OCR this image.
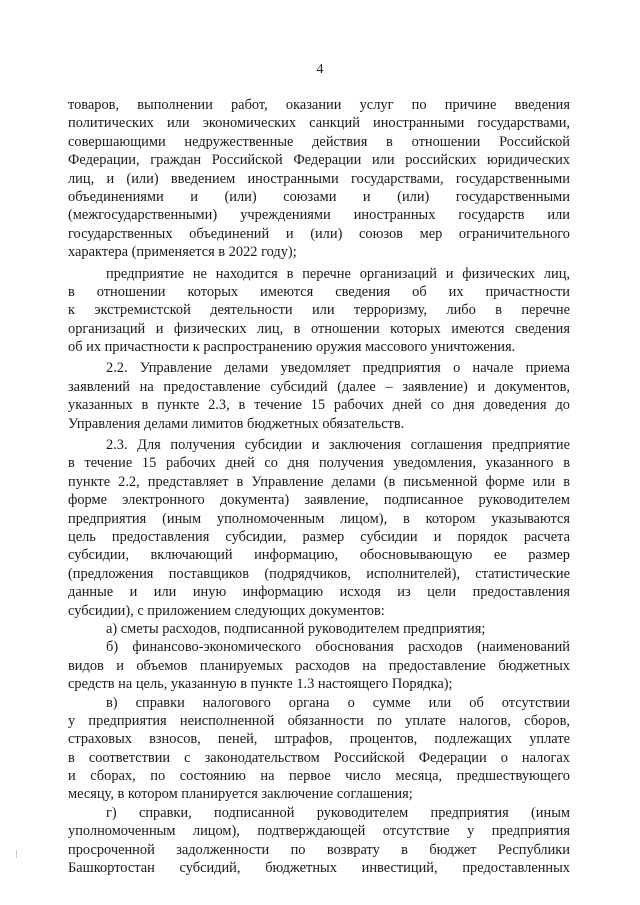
4
товаров, выполнении работ, оказании услуг по причине введения
политических или экономических санкций иностранными государствами,
совершающими недружественные действия в отношении Российской
Федерации, граждан Российской Федерации или российских юридических
лиц, и (или) введением иностранными государствами, государственными
объединениями и (или) союзами и (или) государственными
(межгосударственными) учреждениями иностранных государств или
государственных объединений и (или) союзов мер ограничительного
характера (применяется в 2022 году);
предприятие не находится в перечне организаций и физических лиц,
в отношении которых имеются сведения об их причастности
к экстремистской деятельности или терроризму, либо в перечне
организаций и физических лиц, в отношении которых имеются сведения
об их причастности к распространению оружия массового уничтожения.
2.2. Управление делами уведомляет предприятия о начале приема
заявлений на предоставление субсидий (далее – заявление) и документов,
указанных в пункте 2.3, в течение 15 рабочих дней со дня доведения до
Управления делами лимитов бюджетных обязательств.
2.3. Для получения субсидии и заключения соглашения предприятие
в течение 15 рабочих дней со дня получения уведомления, указанного в
пункте 2.2, представляет в Управление делами (в письменной форме или в
форме электронного документа) заявление, подписанное руководителем
предприятия (иным уполномоченным лицом), в котором указываются
цель предоставления субсидии, размер субсидии и порядок расчета
субсидии, включающий информацию, обосновывающую ее размер
(предложения поставщиков (подрядчиков, исполнителей), статистические
данные и или иную информацию исходя из цели предоставления
субсидии), с приложением следующих документов:
а) сметы расходов, подписанной руководителем предприятия;
б) финансово-экономического обоснования расходов (наименований
видов и объемов планируемых расходов на предоставление бюджетных
средств на цель, указанную в пункте 1.3 настоящего Порядка);
в) справки налогового органа о сумме или об отсутствии
у предприятия неисполненной обязанности по уплате налогов, сборов,
страховых взносов, пеней, штрафов, процентов, подлежащих уплате
в соответствии с законодательством Российской Федерации о налогах
и сборах, по состоянию на первое число месяца, предшествующего
месяцу, в котором планируется заключение соглашения;
г) справки, подписанной руководителем предприятия (иным
уполномоченным лицом), подтверждающей отсутствие у предприятия
просроченной задолженности по возврату в бюджет Республики
Башкортостан субсидий, бюджетных инвестиций, предоставленных
